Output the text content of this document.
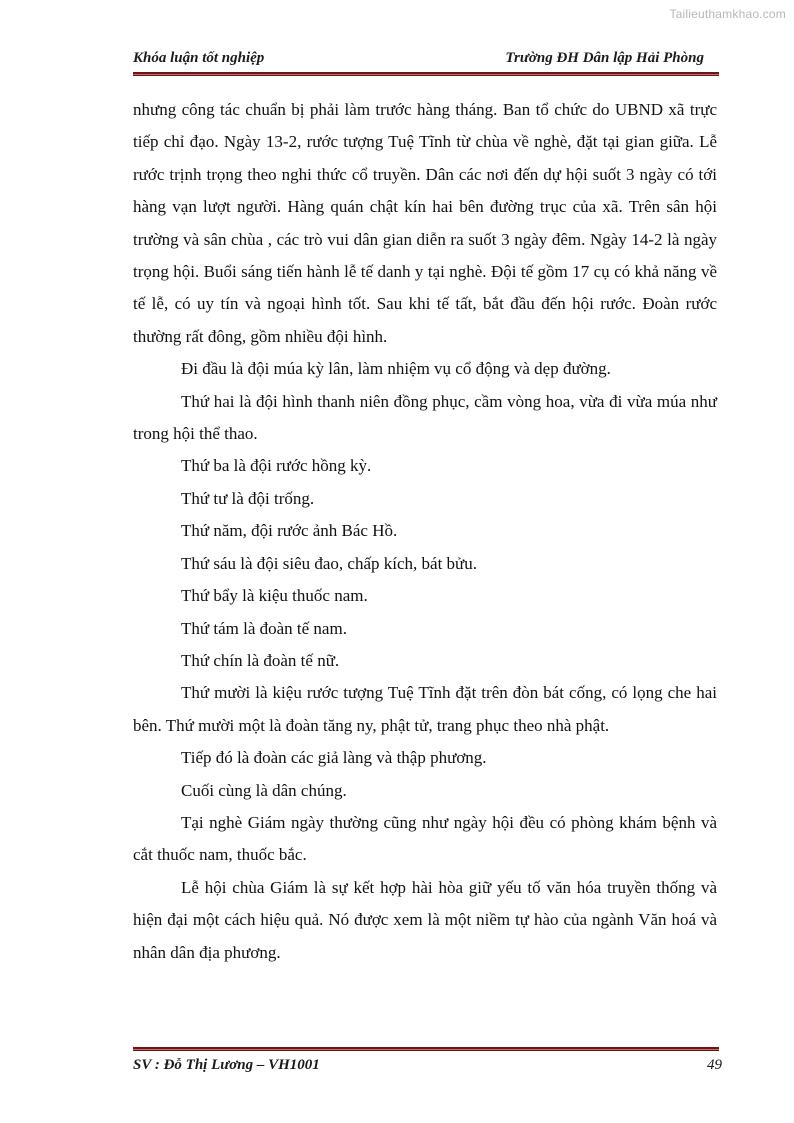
Tailieuthamkhao.com
Khóa luận tốt nghiệp	Trường ĐH Dân lập Hải Phòng

nhưng công tác chuẩn bị phải làm trước hàng tháng. Ban tổ chức do UBND xã trực tiếp chỉ đạo. Ngày 13-2, rước tượng Tuệ Tĩnh từ chùa về nghè, đặt tại gian giữa. Lễ rước trịnh trọng theo nghi thức cổ truyền. Dân các nơi đến dự hội suốt 3 ngày có tới hàng vạn lượt người. Hàng quán chật kín hai bên đường trục của xã. Trên sân hội trường và sân chùa , các trò vui dân gian diễn ra suốt 3 ngày đêm. Ngày 14-2 là ngày trọng hội. Buổi sáng tiến hành lễ tế danh y tại nghè. Đội tế gồm 17 cụ có khả năng về tế lễ, có uy tín và ngoại hình tốt. Sau khi tế tất, bắt đầu đến hội rước. Đoàn rước thường rất đông, gồm nhiều đội hình.

Đi đầu là đội múa kỳ lân, làm nhiệm vụ cổ động và dẹp đường.

Thứ hai là đội hình thanh niên đồng phục, cầm vòng hoa, vừa đi vừa múa như trong hội thể thao.

Thứ ba là đội rước hồng kỳ.

Thứ tư là đội trống.

Thứ năm, đội rước ảnh Bác Hồ.

Thứ sáu là đội siêu đao, chấp kích, bát bửu.

Thứ bẩy là kiệu thuốc nam.

Thứ tám là đoàn tế nam.

Thứ chín là đoàn tế nữ.

Thứ mười là kiệu rước tượng Tuệ Tĩnh đặt trên đòn bát cống, có lọng che hai bên. Thứ mười một là đoàn tăng ny, phật tử, trang phục theo nhà phật.

Tiếp đó là đoàn các giả làng và thập phương.

Cuối cùng là dân chúng.

Tại nghè Giám ngày thường cũng như ngày hội đều có phòng khám bệnh và cắt thuốc nam, thuốc bắc.

Lễ hội chùa Giám là sự kết hợp hài hòa giữ yếu tố văn hóa truyền thống và hiện đại một cách hiệu quả. Nó được xem là một niềm tự hào của ngành Văn hoá và nhân dân địa phương.

SV : Đỗ Thị Lương – VH1001	49
